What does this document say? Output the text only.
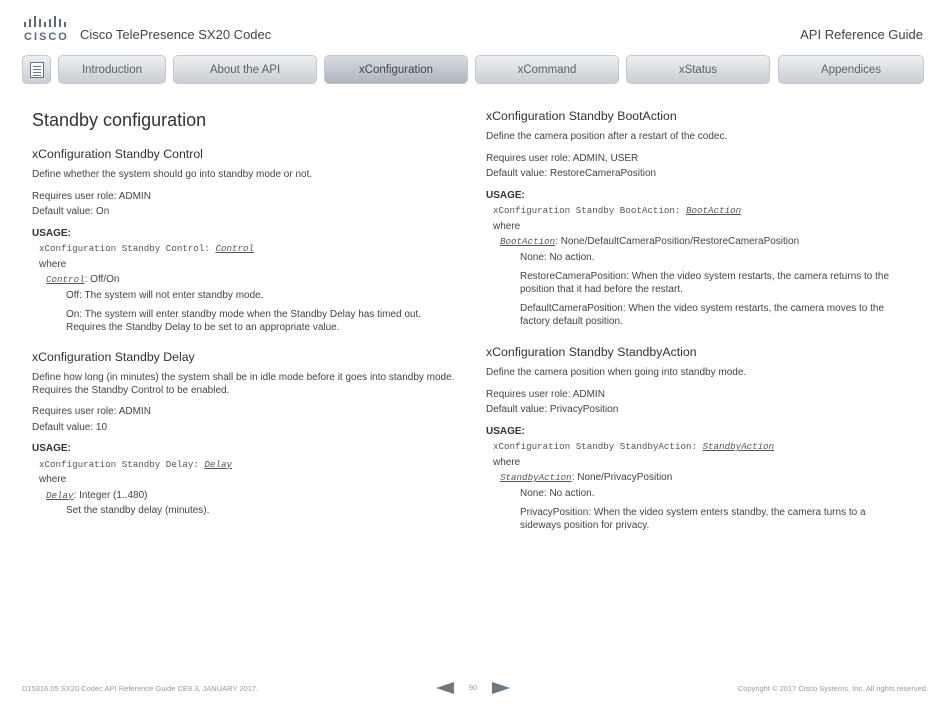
CISCO Cisco TelePresence SX20 Codec	API Reference Guide
Introduction	About the API	xConfiguration	xCommand	xStatus	Appendices
Standby configuration
xConfiguration Standby Control

Define whether the system should go into standby mode or not.

Requires user role: ADMIN

Default value: On

USAGE:

xConfiguration Standby Control: Control

where

Control: Off/On

Off: The system will not enter standby mode.

On: The system will enter standby mode when the Standby Delay has timed out. Requires the Standby Delay to be set to an appropriate value.

xConfiguration Standby Delay

Define how long (in minutes) the system shall be in idle mode before it goes into standby mode. Requires the Standby Control to be enabled.

Requires user role: ADMIN

Default value: 10

USAGE:

xConfiguration Standby Delay: Delay

where

Delay: Integer (1..480)

Set the standby delay (minutes).

xConfiguration Standby BootAction

Define the camera position after a restart of the codec.

Requires user role: ADMIN, USER

Default value: RestoreCameraPosition

USAGE:

xConfiguration Standby BootAction: BootAction

where

BootAction: None/DefaultCameraPosition/RestoreCameraPosition

None: No action.

RestoreCameraPosition: When the video system restarts, the camera returns to the position that it had before the restart.

DefaultCameraPosition: When the video system restarts, the camera moves to the factory default position.

xConfiguration Standby StandbyAction

Define the camera position when going into standby mode.

Requires user role: ADMIN

Default value: PrivacyPosition

USAGE:

xConfiguration Standby StandbyAction: StandbyAction

where

StandbyAction: None/PrivacyPosition

None: No action.

PrivacyPosition: When the video system enters standby, the camera turns to a sideways position for privacy.

D15316.05 SX20 Codec API Reference Guide CE8.3, JANUARY 2017.	90	Copyright © 2017 Cisco Systems, Inc. All rights reserved.
